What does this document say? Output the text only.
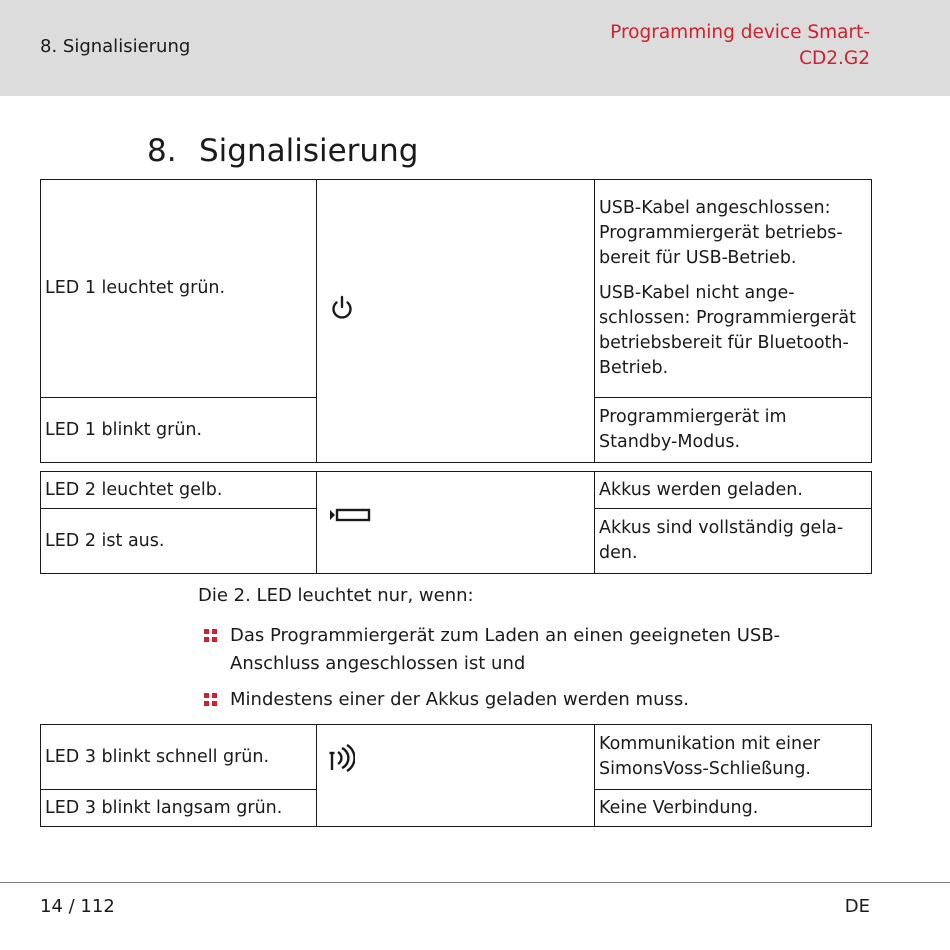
8. Signalisierung
Programming device Smart-
CD2.G2
8. Signalisierung
LED 1 leuchtet grün.		USB-Kabel angeschlossen: Programmiergerät betriebsbereit für USB-Betrieb.
USB-Kabel nicht angeschlossen: Programmiergerät betriebsbereit für Bluetooth-Betrieb.

LED 1 blinkt grün.		Programmiergerät im Standby-Modus.
LED 2 leuchtet gelb.		Akkus werden geladen.
LED 2 ist aus.		Akkus sind vollständig geladen.
Die 2. LED leuchtet nur, wenn:
Das Programmiergerät zum Laden an einen geeigneten USB-Anschluss angeschlossen ist und
Mindestens einer der Akkus geladen werden muss.
LED 3 blinkt schnell grün.		Kommunikation mit einer SimonsVoss-Schließung.
LED 3 blinkt langsam grün.		Keine Verbindung.
14 / 112	DE
